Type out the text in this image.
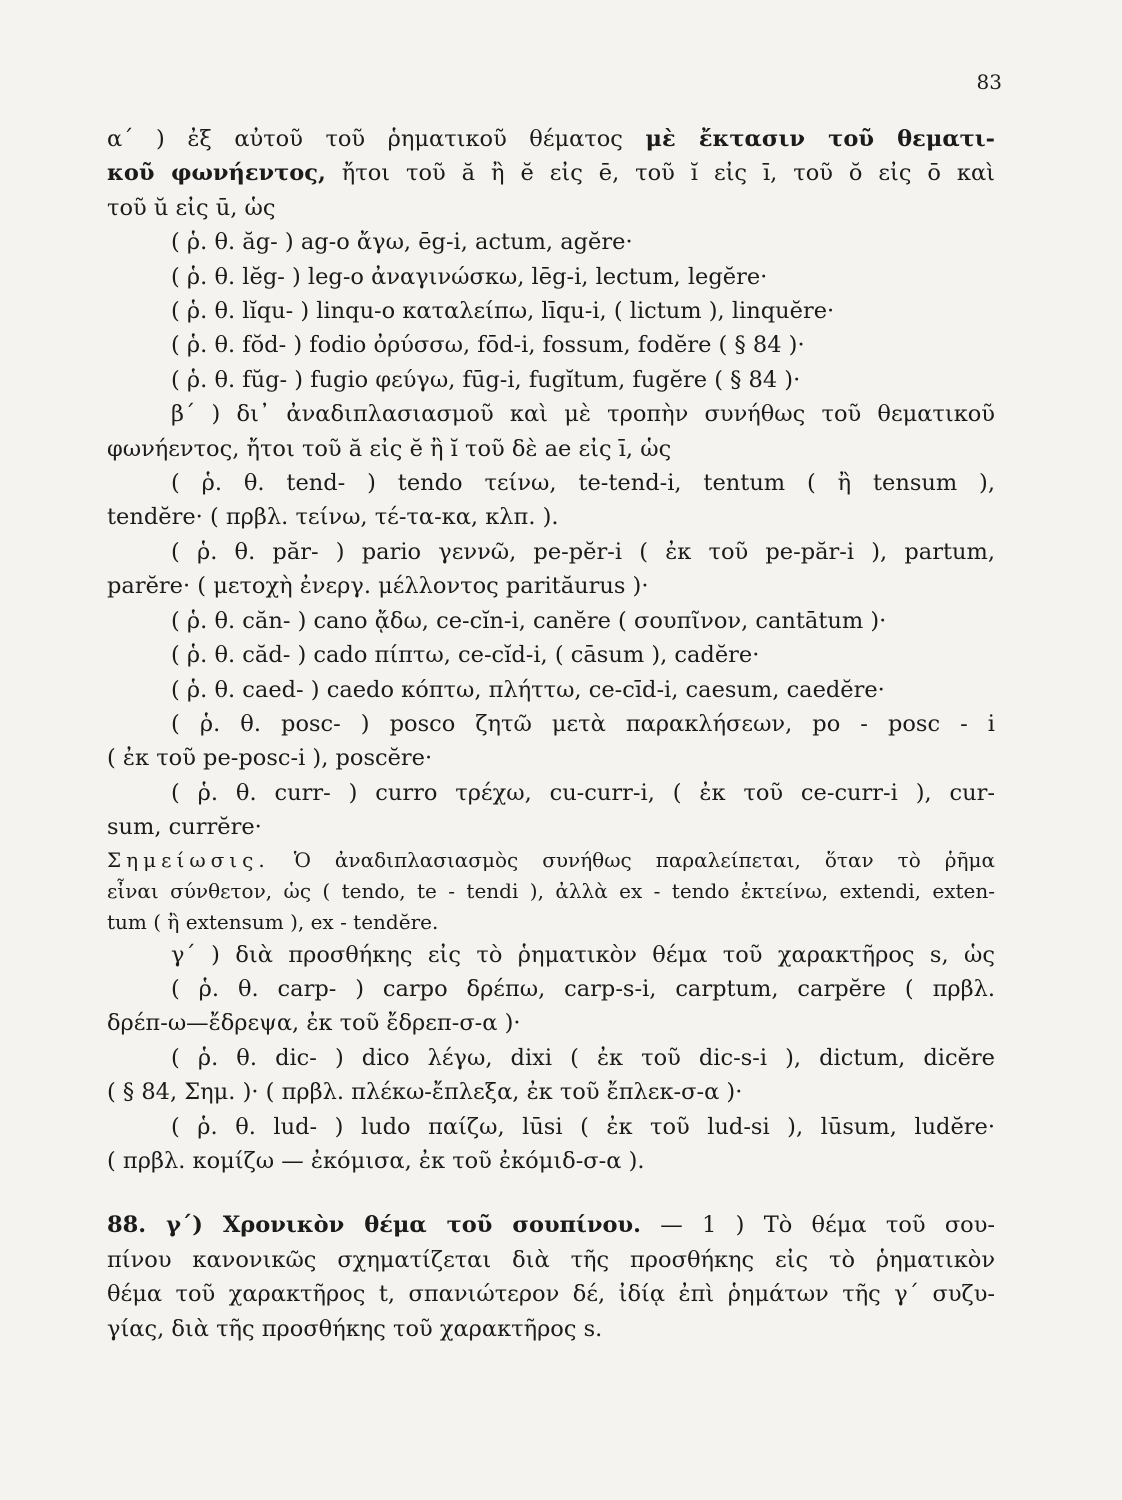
83

α΄ ) ἐξ αὐτοῦ τοῦ ῥηματικοῦ θέματος μὲ ἔκτασιν τοῦ θεματι-

κοῦ φωνήεντος, ἤτοι τοῦ ă ἢ ĕ εἰς ē, τοῦ ĭ εἰς ī, τοῦ ŏ εἰς ō καὶ

τοῦ ŭ εἰς ū, ὡς

( ῥ. θ. ăg- ) ag-o ἄγω, ēg-i, actum, agĕre·

( ῥ. θ. lĕg- ) leg-o ἀναγινώσκω, lēg-i, lectum, legĕre·

( ῥ. θ. lĭqu- ) linqu-o καταλείπω, līqu-i, ( lictum ), linquĕre·

( ῥ. θ. fŏd- ) fodio ὀρύσσω, fōd-i, fossum, fodĕre ( § 84 )·

( ῥ. θ. fŭg- ) fugio φεύγω, fūg-i, fugĭtum, fugĕre ( § 84 )·

β΄ ) δι᾽ ἀναδιπλασιασμοῦ καὶ μὲ τροπὴν συνήθως τοῦ θεματικοῦ

φωνήεντος, ἤτοι τοῦ ă εἰς ĕ ἢ ĭ τοῦ δὲ ae εἰς ī, ὡς

( ῥ. θ. tend- ) tendo τείνω, te-tend-i, tentum ( ἢ tensum ),

tendĕre· ( πρβλ. τείνω, τέ-τα-κα, κλπ. ).

( ῥ. θ. păr- ) pario γεννῶ, pe-pĕr-i ( ἐκ τοῦ pe-păr-i ), partum,

parĕre· ( μετοχὴ ἐνεργ. μέλλοντος parităurus )·

( ῥ. θ. căn- ) cano ᾄδω, ce-cĭn-i, canĕre ( σουπῖνον, cantātum )·

( ῥ. θ. căd- ) cado πίπτω, ce-cĭd-i, ( cāsum ), cadĕre·

( ῥ. θ. caed- ) caedo κόπτω, πλήττω, ce-cīd-i, caesum, caedĕre·

( ῥ. θ. posc- ) posco ζητῶ μετὰ παρακλήσεων, po - posc - i

( ἐκ τοῦ pe-posc-i ), poscĕre·

( ῥ. θ. curr- ) curro τρέχω, cu-curr-i, ( ἐκ τοῦ ce-curr-i ), cur-

sum, currĕre·

Σημείωσις. Ὁ ἀναδιπλασιασμὸς συνήθως παραλείπεται, ὅταν τὸ ῥῆμα

εἶναι σύνθετον, ὡς ( tendo, te - tendi ), ἀλλὰ ex - tendo ἐκτείνω, extendi, exten-

tum ( ἢ extensum ), ex - tendĕre.

γ΄ ) διὰ προσθήκης εἰς τὸ ῥηματικὸν θέμα τοῦ χαρακτῆρος s, ὡς

( ῥ. θ. carp- ) carpo δρέπω, carp-s-i, carptum, carpĕre ( πρβλ.

δρέπ-ω—ἔδρεψα, ἐκ τοῦ ἔδρεπ-σ-α )·

( ῥ. θ. dic- ) dico λέγω, dixi ( ἐκ τοῦ dic-s-i ), dictum, dicĕre

( § 84, Σημ. )· ( πρβλ. πλέκω-ἔπλεξα, ἐκ τοῦ ἔπλεκ-σ-α )·

( ῥ. θ. lud- ) ludo παίζω, lūsi ( ἐκ τοῦ lud-si ), lūsum, ludĕre·

( πρβλ. κομίζω — ἐκόμισα, ἐκ τοῦ ἐκόμιδ-σ-α ).

88. γ΄) Χρονικὸν θέμα τοῦ σουπίνου. — 1 ) Τὸ θέμα τοῦ σου-

πίνου κανονικῶς σχηματίζεται διὰ τῆς προσθήκης εἰς τὸ ῥηματικὸν

θέμα τοῦ χαρακτῆρος t, σπανιώτερον δέ, ἰδίᾳ ἐπὶ ῥημάτων τῆς γ΄ συζυ-

γίας, διὰ τῆς προσθήκης τοῦ χαρακτῆρος s.
